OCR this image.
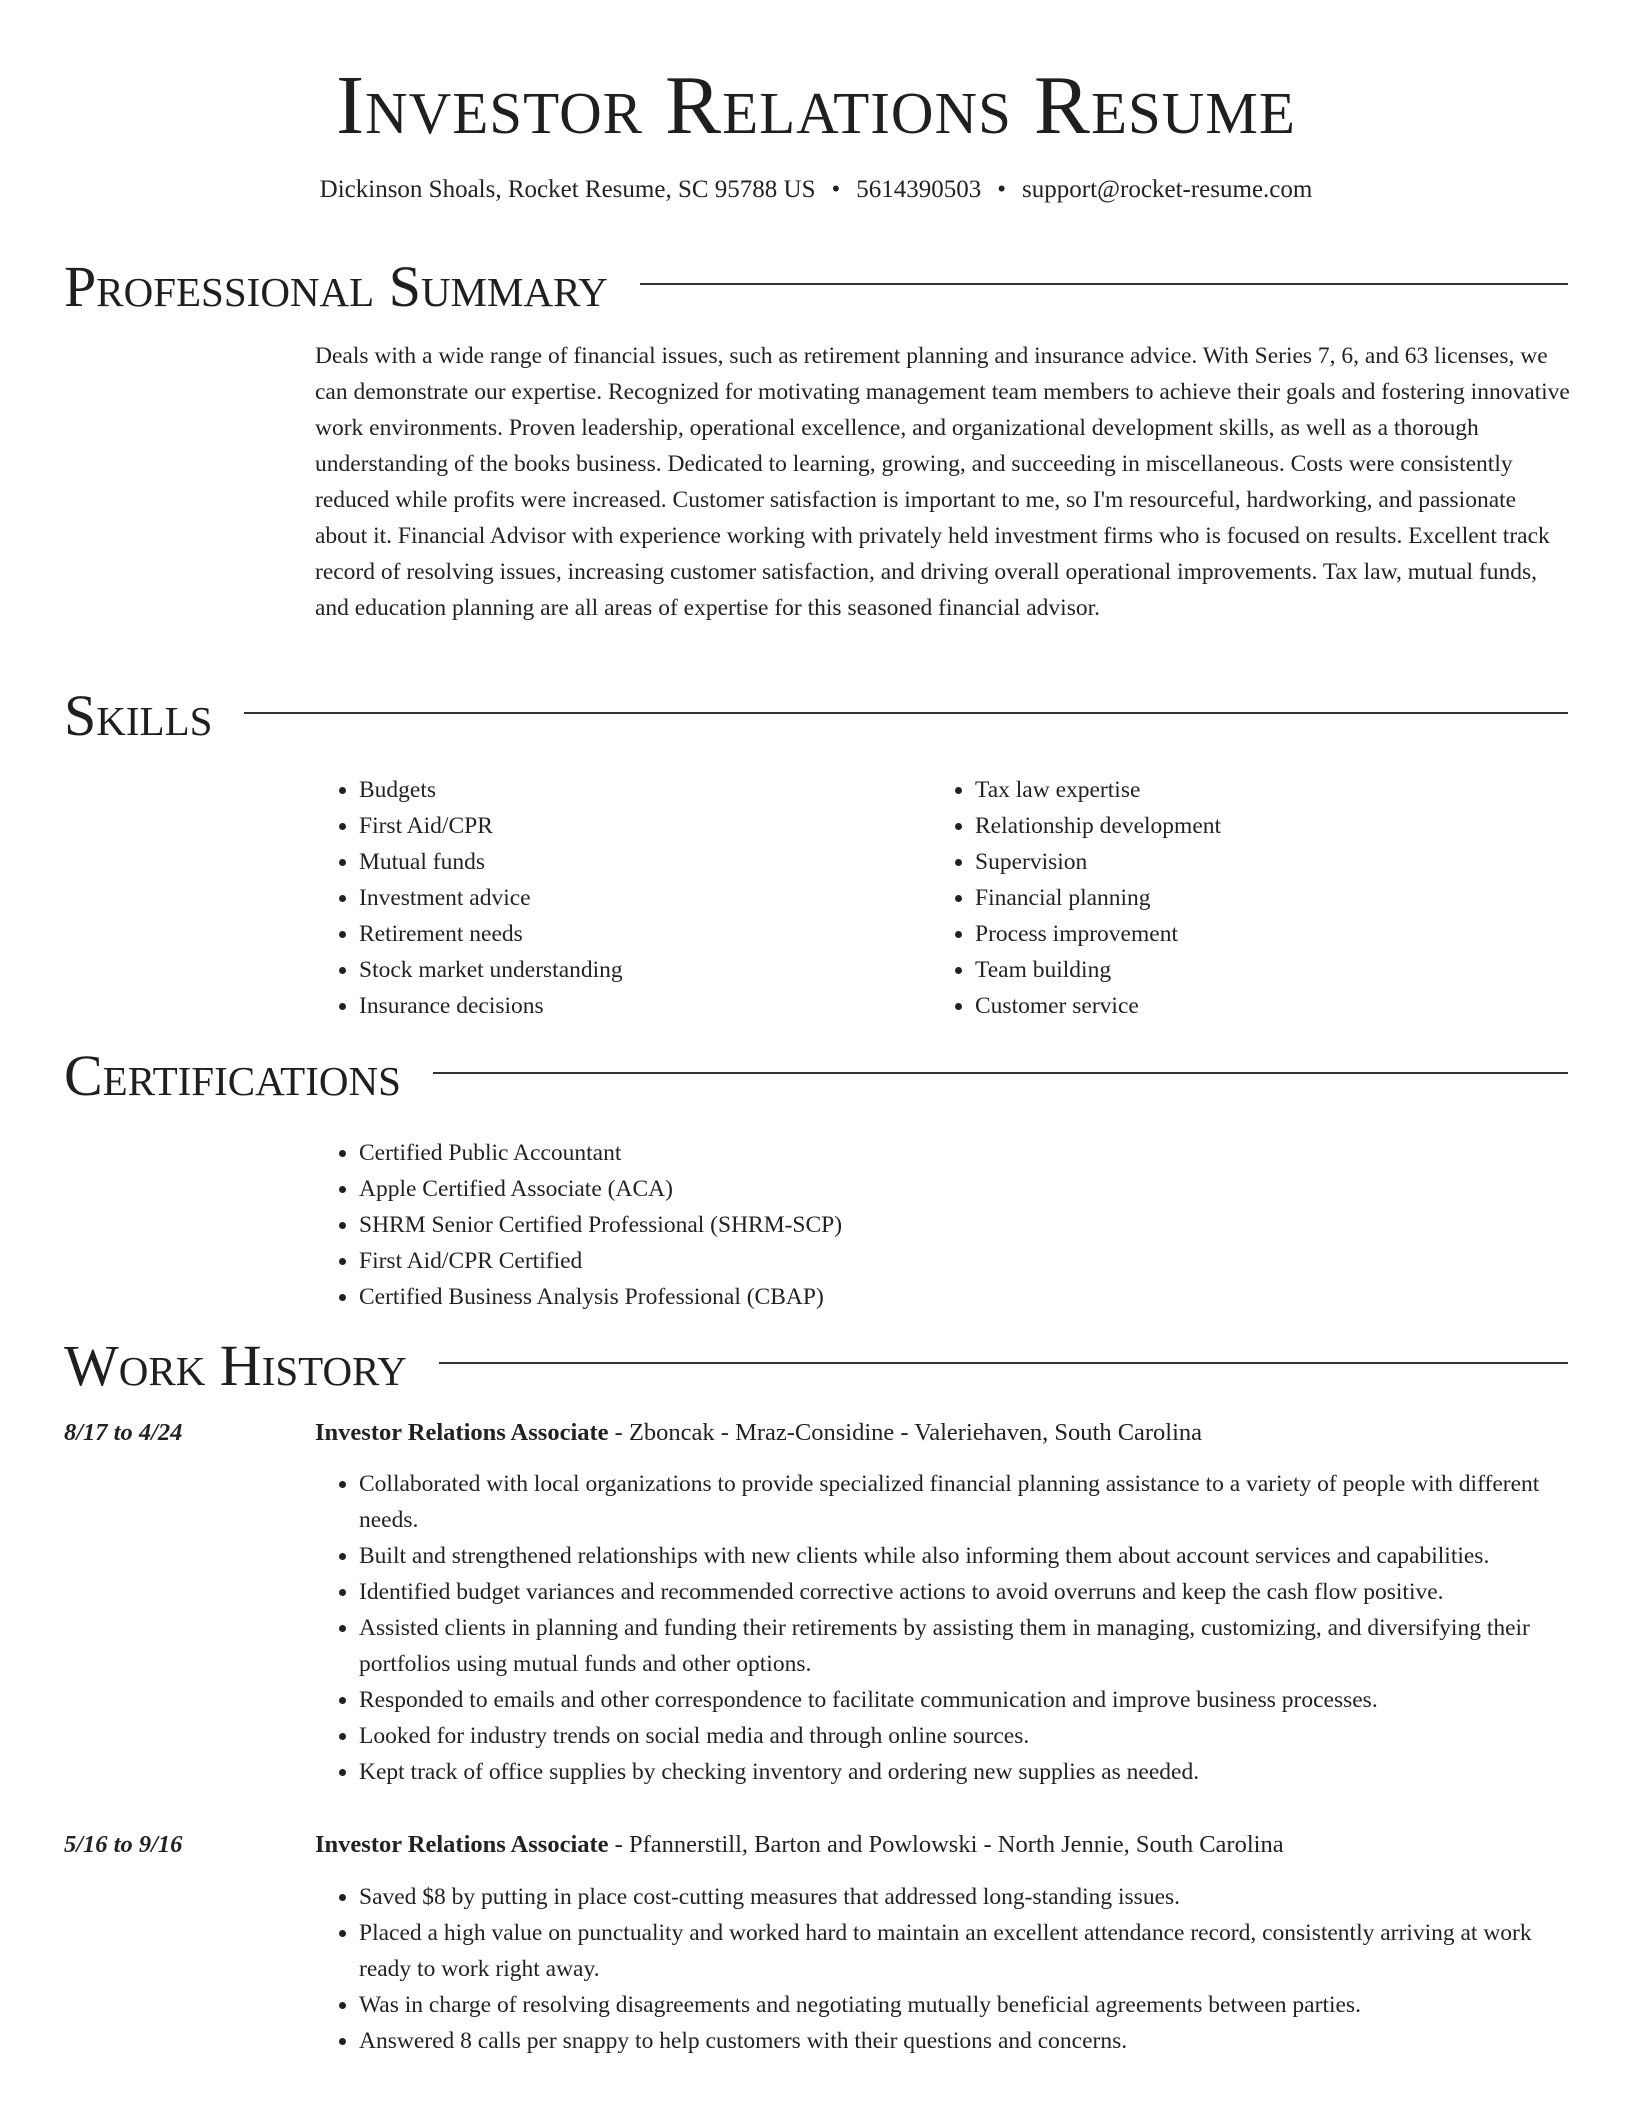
Investor Relations Resume
Dickinson Shoals, Rocket Resume, SC 95788 US • 5614390503 • support@rocket-resume.com
Professional Summary

Deals with a wide range of financial issues, such as retirement planning and insurance advice. With Series 7, 6, and 63 licenses, we can demonstrate our expertise. Recognized for motivating management team members to achieve their goals and fostering innovative work environments. Proven leadership, operational excellence, and organizational development skills, as well as a thorough understanding of the books business. Dedicated to learning, growing, and succeeding in miscellaneous. Costs were consistently reduced while profits were increased. Customer satisfaction is important to me, so I'm resourceful, hardworking, and passionate about it. Financial Advisor with experience working with privately held investment firms who is focused on results. Excellent track record of resolving issues, increasing customer satisfaction, and driving overall operational improvements. Tax law, mutual funds, and education planning are all areas of expertise for this seasoned financial advisor.

Skills
• Budgets
• First Aid/CPR
• Mutual funds
• Investment advice
• Retirement needs
• Stock market understanding
• Insurance decisions
• Tax law expertise
• Relationship development
• Supervision
• Financial planning
• Process improvement
• Team building
• Customer service
Certifications
• Certified Public Accountant
• Apple Certified Associate (ACA)
• SHRM Senior Certified Professional (SHRM-SCP)
• First Aid/CPR Certified
• Certified Business Analysis Professional (CBAP)
Work History
8/17 to 4/24	Investor Relations Associate - Zboncak - Mraz-Considine - Valeriehaven, South Carolina
• Collaborated with local organizations to provide specialized financial planning assistance to a variety of people with different needs.
• Built and strengthened relationships with new clients while also informing them about account services and capabilities.
• Identified budget variances and recommended corrective actions to avoid overruns and keep the cash flow positive.
• Assisted clients in planning and funding their retirements by assisting them in managing, customizing, and diversifying their portfolios using mutual funds and other options.
• Responded to emails and other correspondence to facilitate communication and improve business processes.
• Looked for industry trends on social media and through online sources.
• Kept track of office supplies by checking inventory and ordering new supplies as needed.
5/16 to 9/16	Investor Relations Associate - Pfannerstill, Barton and Powlowski - North Jennie, South Carolina
• Saved $8 by putting in place cost-cutting measures that addressed long-standing issues.
• Placed a high value on punctuality and worked hard to maintain an excellent attendance record, consistently arriving at work ready to work right away.
• Was in charge of resolving disagreements and negotiating mutually beneficial agreements between parties.
• Answered 8 calls per snappy to help customers with their questions and concerns.
